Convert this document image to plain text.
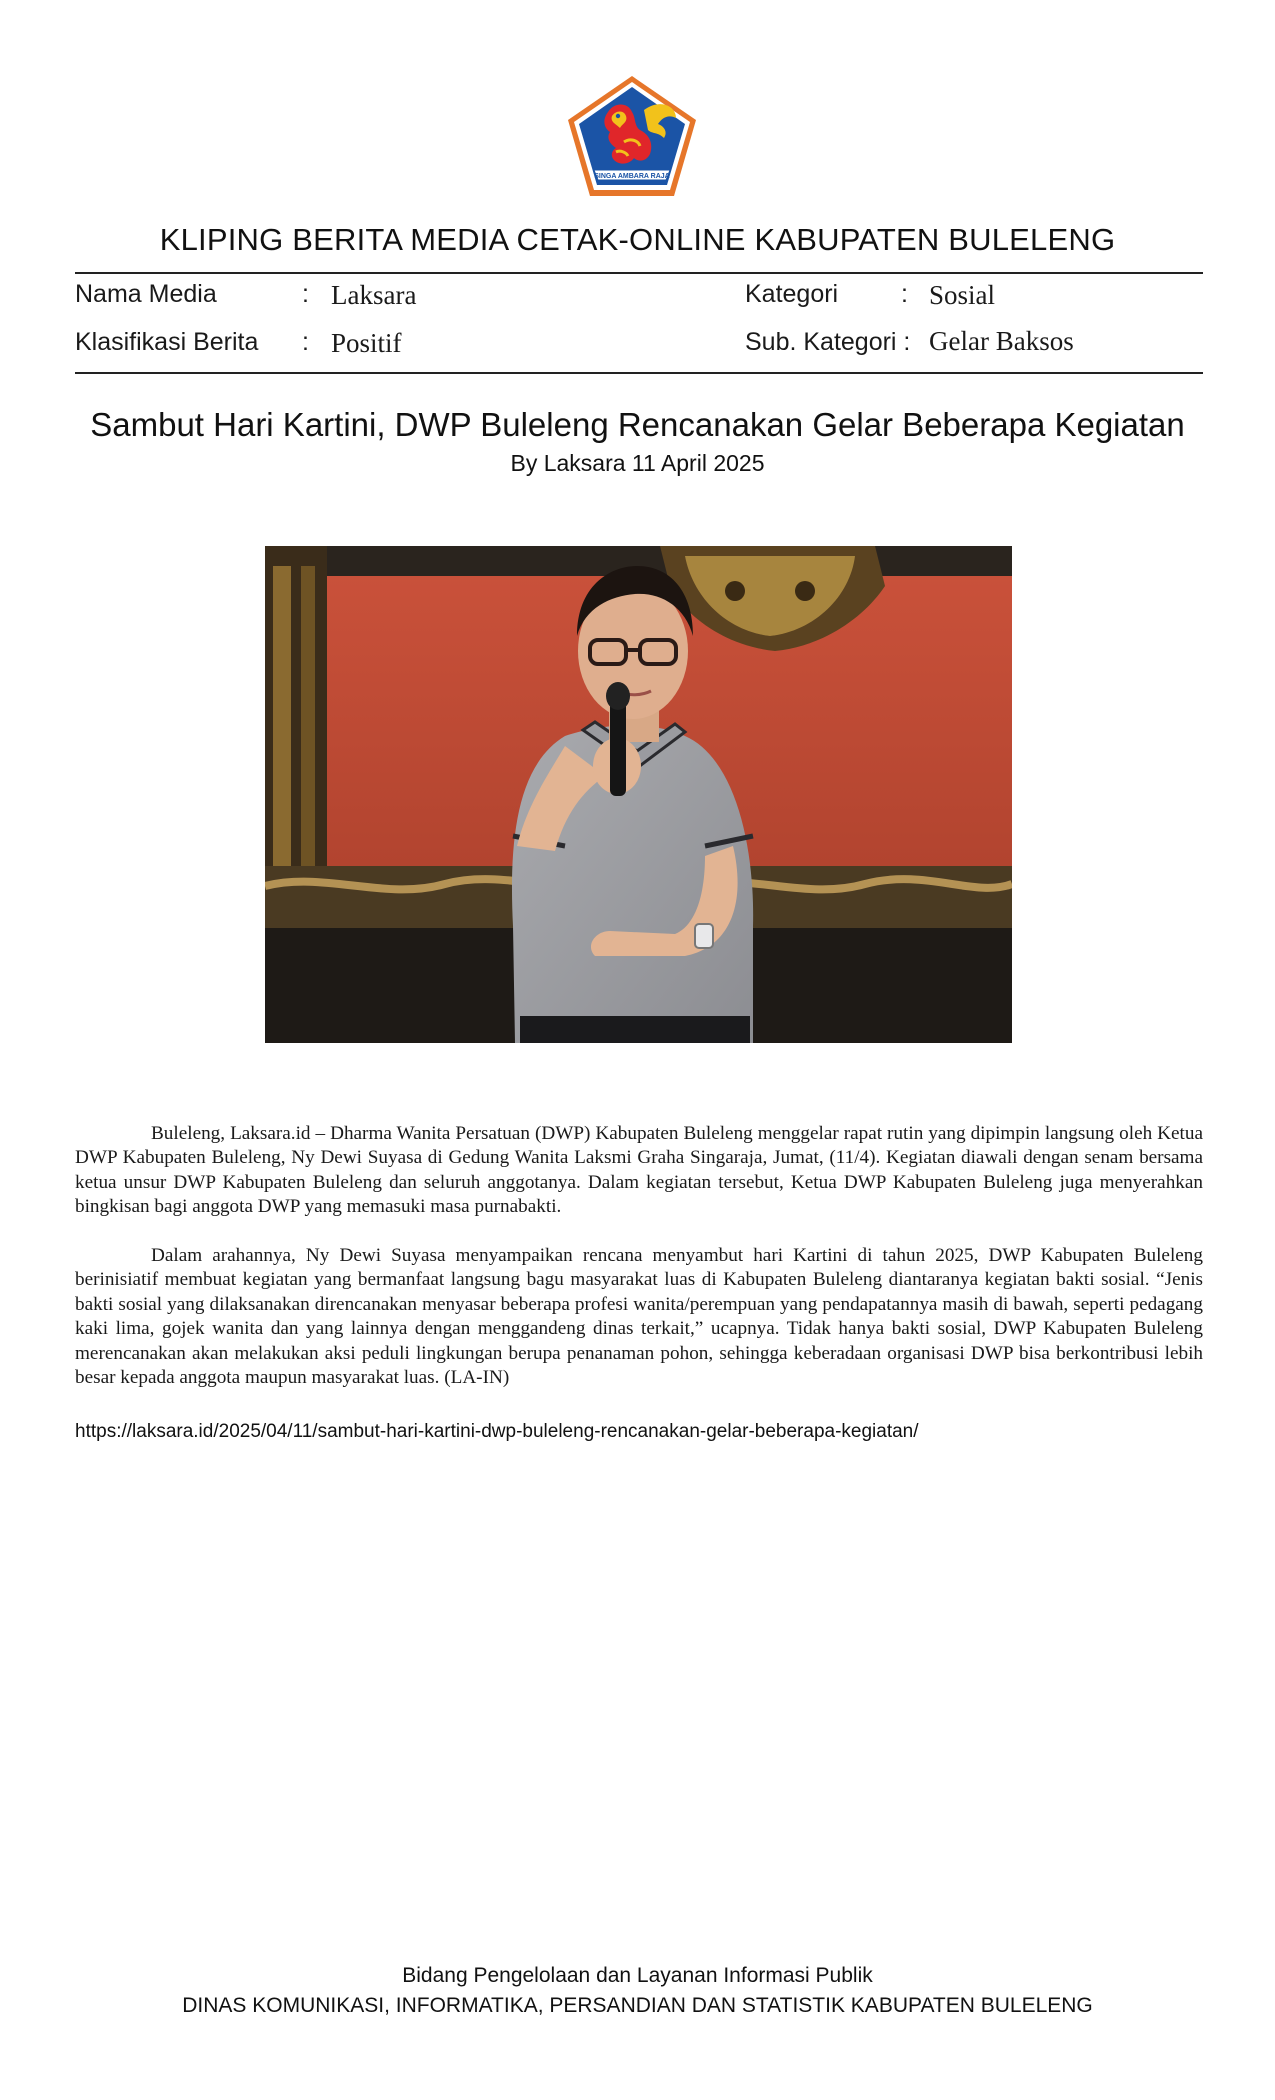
SINGA AMBARA RAJA
KLIPING BERITA MEDIA CETAK-ONLINE KABUPATEN BULELENG
Nama Media	: Laksara	Kategori	: Sosial
Klasifikasi Berita : Positif	Sub. Kategori : Gelar Baksos
Sambut Hari Kartini, DWP Buleleng Rencanakan Gelar Beberapa Kegiatan
By Laksara 11 April 2025

Buleleng, Laksara.id – Dharma Wanita Persatuan (DWP) Kabupaten Buleleng menggelar rapat rutin yang dipimpin langsung oleh Ketua DWP Kabupaten Buleleng, Ny Dewi Suyasa di Gedung Wanita Laksmi Graha Singaraja, Jumat, (11/4). Kegiatan diawali dengan senam bersama ketua unsur DWP Kabupaten Buleleng dan seluruh anggotanya. Dalam kegiatan tersebut, Ketua DWP Kabupaten Buleleng juga menyerahkan bingkisan bagi anggota DWP yang memasuki masa purnabakti.

Dalam arahannya, Ny Dewi Suyasa menyampaikan rencana menyambut hari Kartini di tahun 2025, DWP Kabupaten Buleleng berinisiatif membuat kegiatan yang bermanfaat langsung bagu masyarakat luas di Kabupaten Buleleng diantaranya kegiatan bakti sosial. “Jenis bakti sosial yang dilaksanakan direncanakan menyasar beberapa profesi wanita/perempuan yang pendapatannya masih di bawah, seperti pedagang kaki lima, gojek wanita dan yang lainnya dengan menggandeng dinas terkait,” ucapnya. Tidak hanya bakti sosial, DWP Kabupaten Buleleng merencanakan akan melakukan aksi peduli lingkungan berupa penanaman pohon, sehingga keberadaan organisasi DWP bisa berkontribusi lebih besar kepada anggota maupun masyarakat luas. (LA-IN)

https://laksara.id/2025/04/11/sambut-hari-kartini-dwp-buleleng-rencanakan-gelar-beberapa-kegiatan/
Bidang Pengelolaan dan Layanan Informasi Publik
DINAS KOMUNIKASI, INFORMATIKA, PERSANDIAN DAN STATISTIK KABUPATEN BULELENG
